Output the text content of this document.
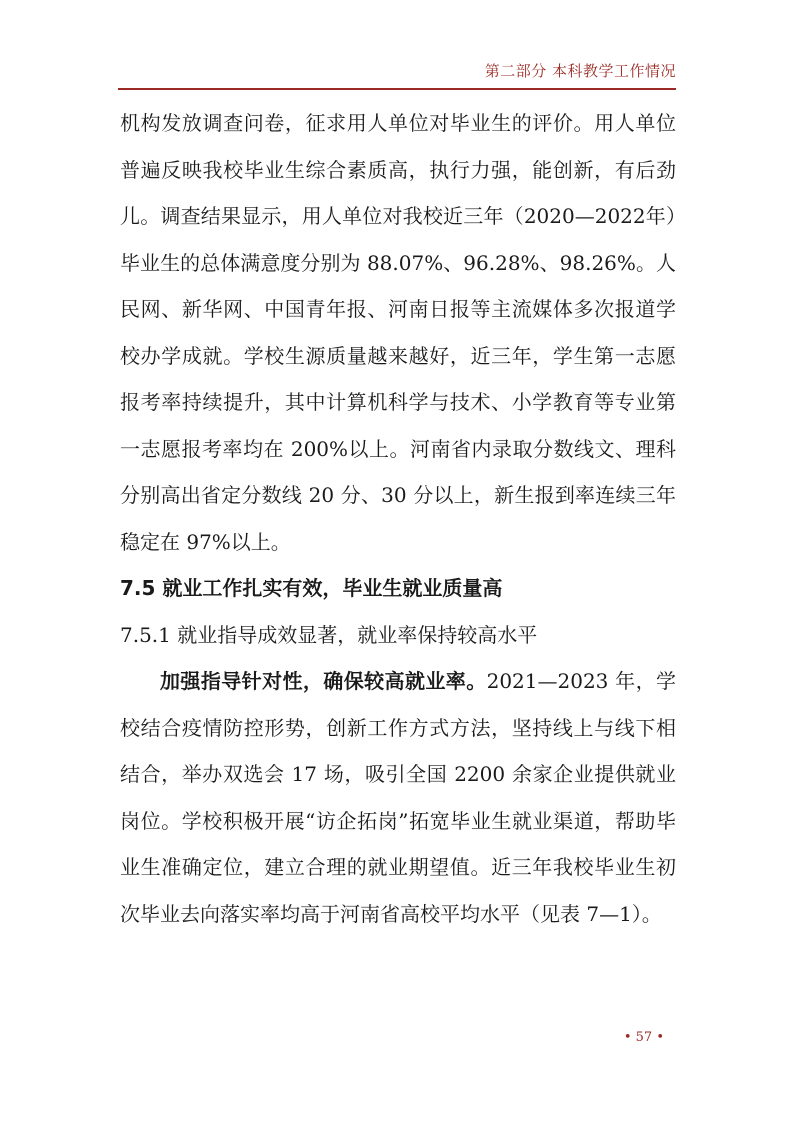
第二部分 本科教学工作情况

机构发放调查问卷，征求用人单位对毕业生的评价。用人单位普遍反映我校毕业生综合素质高，执行力强，能创新，有后劲儿。调查结果显示，用人单位对我校近三年（2020—2022年）毕业生的总体满意度分别为 88.07%、96.28%、98.26%。人民网、新华网、中国青年报、河南日报等主流媒体多次报道学校办学成就。学校生源质量越来越好，近三年，学生第一志愿报考率持续提升，其中计算机科学与技术、小学教育等专业第一志愿报考率均在 200%以上。河南省内录取分数线文、理科分别高出省定分数线 20 分、30 分以上，新生报到率连续三年稳定在 97%以上。

7.5 就业工作扎实有效，毕业生就业质量高

7.5.1 就业指导成效显著，就业率保持较高水平

加强指导针对性，确保较高就业率。2021—2023 年，学校结合疫情防控形势，创新工作方式方法，坚持线上与线下相结合，举办双选会 17 场，吸引全国 2200 余家企业提供就业岗位。学校积极开展“访企拓岗”拓宽毕业生就业渠道，帮助毕业生准确定位，建立合理的就业期望值。近三年我校毕业生初次毕业去向落实率均高于河南省高校平均水平（见表 7—1）。

• 57 •
